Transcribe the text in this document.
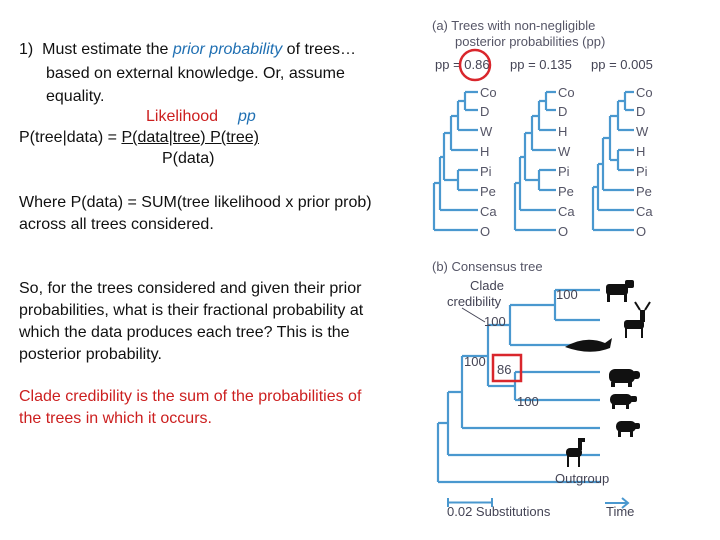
1) Must estimate the prior probability of trees…
based on external knowledge. Or, assume
equality.
Likelihood pp
P(tree|data) = P(data|tree) P(tree)
P(data)
Where P(data) = SUM(tree likelihood x prior prob)
across all trees considered.
So, for the trees considered and given their prior
probabilities, what is their fractional probability at
which the data produces each tree? This is the
posterior probability.
Clade credibility is the sum of the probabilities of
the trees in which it occurs.
(a) Trees with non-negligible
posterior probabilities (pp)
pp = 0.86 pp = 0.135 pp = 0.005
Co
D
W
H
Pi
Pe
Ca
O
Co
D
H
W
Pi
Pe
Ca
O
Co
D
W
H
Pi
Pe
Ca
O
(b) Consensus tree
Clade
credibility	100
100
100
86
100
Outgroup
0.02 Substitutions	Time
